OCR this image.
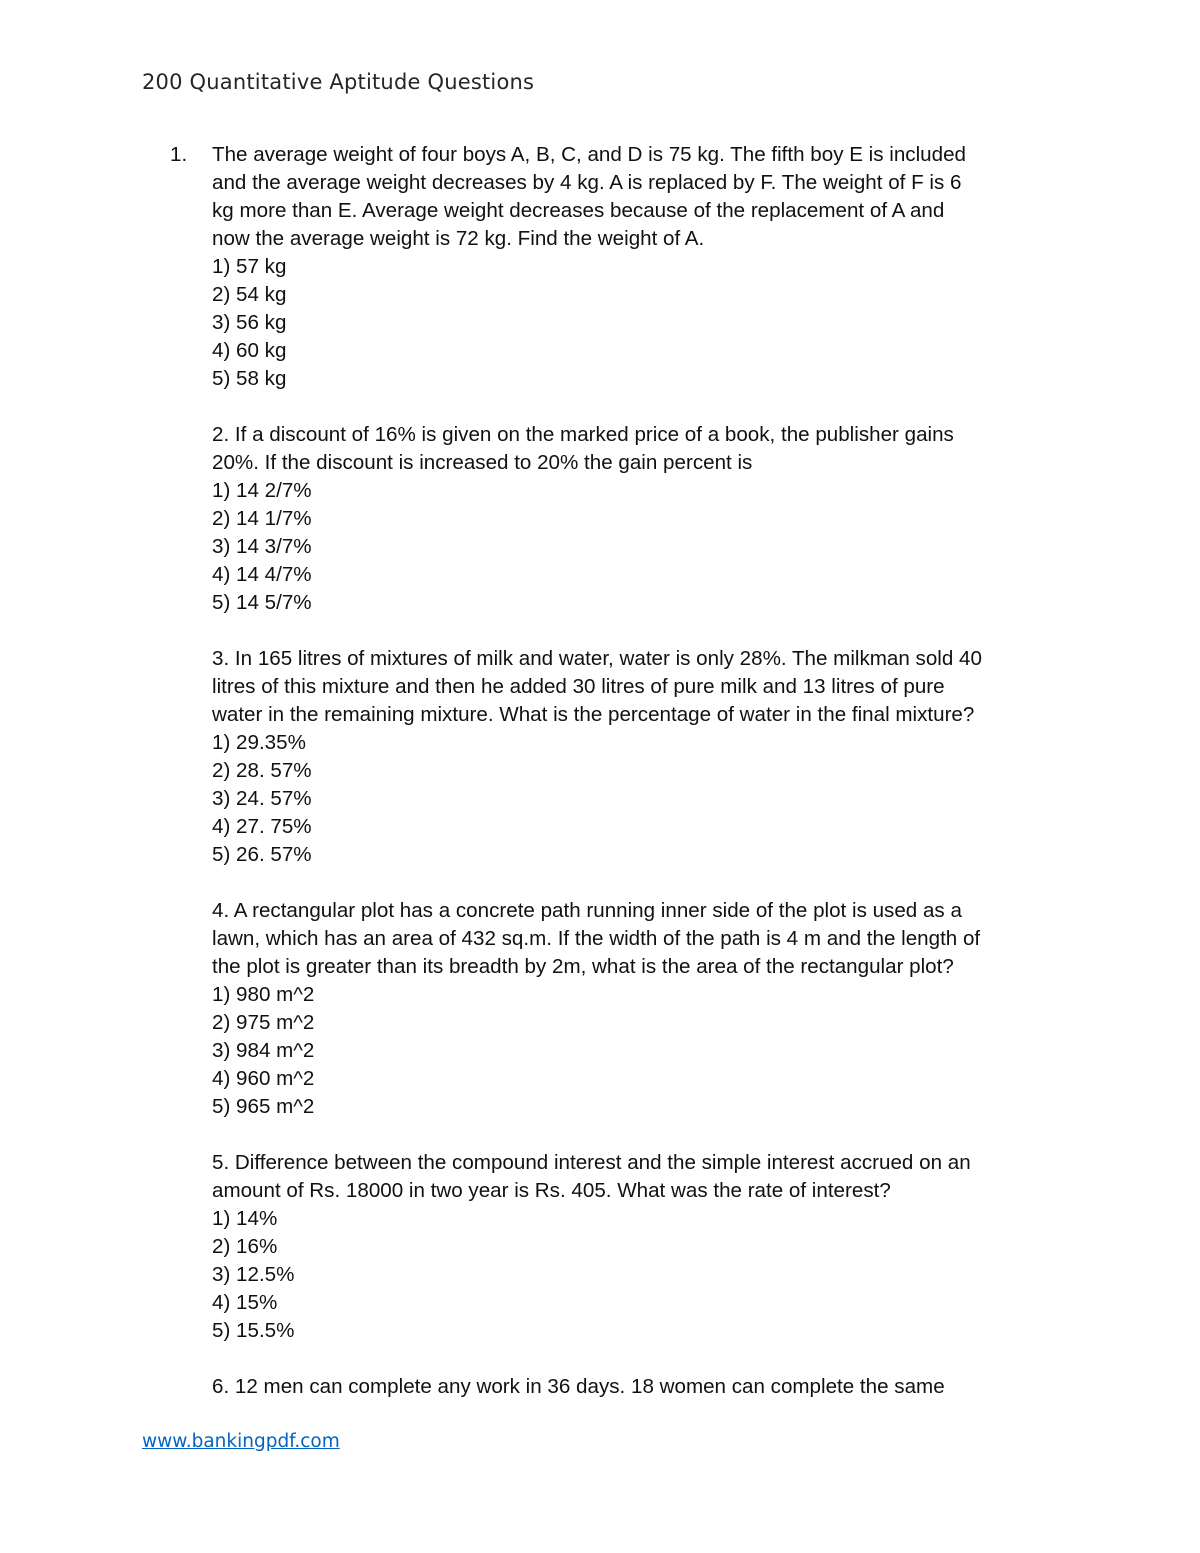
200 Quantitative Aptitude Questions
1. The average weight of four boys A, B, C, and D is 75 kg. The fifth boy E is included

and the average weight decreases by 4 kg. A is replaced by F. The weight of F is 6

kg more than E. Average weight decreases because of the replacement of A and

now the average weight is 72 kg. Find the weight of A.

1) 57 kg

2) 54 kg

3) 56 kg

4) 60 kg

5) 58 kg

2. If a discount of 16% is given on the marked price of a book, the publisher gains

20%. If the discount is increased to 20% the gain percent is

1) 14 2/7%

2) 14 1/7%

3) 14 3/7%

4) 14 4/7%

5) 14 5/7%

3. In 165 litres of mixtures of milk and water, water is only 28%. The milkman sold 40

litres of this mixture and then he added 30 litres of pure milk and 13 litres of pure

water in the remaining mixture. What is the percentage of water in the final mixture?

1) 29.35%

2) 28. 57%

3) 24. 57%

4) 27. 75%

5) 26. 57%

4. A rectangular plot has a concrete path running inner side of the plot is used as a

lawn, which has an area of 432 sq.m. If the width of the path is 4 m and the length of

the plot is greater than its breadth by 2m, what is the area of the rectangular plot?

1) 980 m^2

2) 975 m^2

3) 984 m^2

4) 960 m^2

5) 965 m^2

5. Difference between the compound interest and the simple interest accrued on an

amount of Rs. 18000 in two year is Rs. 405. What was the rate of interest?

1) 14%

2) 16%

3) 12.5%

4) 15%

5) 15.5%

6. 12 men can complete any work in 36 days. 18 women can complete the same

www.bankingpdf.com
